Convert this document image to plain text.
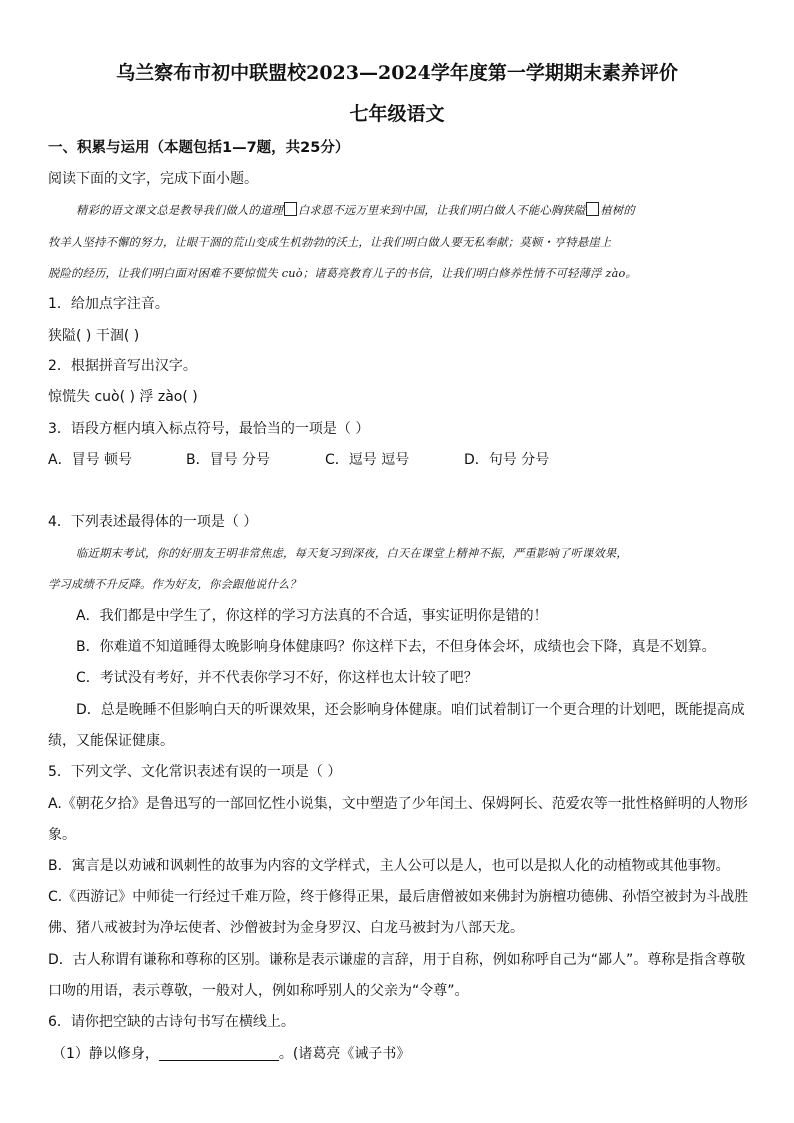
乌兰察布市初中联盟校2023—2024学年度第一学期期末素养评价
七年级语文
一、积累与运用（本题包括1—7题，共25分）
阅读下面的文字，完成下面小题。
精彩的语文课文总是教导我们做人的道理 白求恩不远万里来到中国，让我们明白做人不能心胸狭隘 植树的
牧羊人坚持不懈的努力，让眼干涸的荒山变成生机勃勃的沃土，让我们明白做人要无私奉献；莫顿・亨特悬崖上
脱险的经历，让我们明白面对困难不要惊慌失 cuò；诸葛亮教育儿子的书信，让我们明白修养性情不可轻薄浮 zào。
1．给加点字注音。
狭隘( ) 干涸( )
2．根据拼音写出汉字。
惊慌失 cuò( ) 浮 zào( )
3．语段方框内填入标点符号，最恰当的一项是（ ）
A．冒号 顿号	B．冒号 分号	C．逗号 逗号	D．句号 分号
4．下列表述最得体的一项是（ ）
临近期末考试，你的好朋友王明非常焦虑，每天复习到深夜，白天在课堂上精神不振，严重影响了听课效果，
学习成绩不升反降。作为好友，你会跟他说什么？
A．我们都是中学生了，你这样的学习方法真的不合适，事实证明你是错的！
B．你难道不知道睡得太晚影响身体健康吗？你这样下去，不但身体会坏，成绩也会下降，真是不划算。
C．考试没有考好，并不代表你学习不好，你这样也太计较了吧？
D．总是晚睡不但影响白天的听课效果，还会影响身体健康。咱们试着制订一个更合理的计划吧，既能提高成
绩，又能保证健康。
5．下列文学、文化常识表述有误的一项是（ ）
A.《朝花夕拾》是鲁迅写的一部回忆性小说集，文中塑造了少年闰土、保姆阿长、范爱农等一批性格鲜明的人物形
象。
B．寓言是以劝诫和讽刺性的故事为内容的文学样式，主人公可以是人，也可以是拟人化的动植物或其他事物。
C.《西游记》中师徒一行经过千难万险，终于修得正果，最后唐僧被如来佛封为旃檀功德佛、孙悟空被封为斗战胜
佛、猪八戒被封为净坛使者、沙僧被封为金身罗汉、白龙马被封为八部天龙。
D．古人称谓有谦称和尊称的区别。谦称是表示谦虚的言辞，用于自称，例如称呼自己为“鄙人”。尊称是指含尊敬
口吻的用语，表示尊敬，一般对人，例如称呼别人的父亲为“令尊”。
6．请你把空缺的古诗句书写在横线上。
（1）静以修身，	。(诸葛亮《诫子书》
